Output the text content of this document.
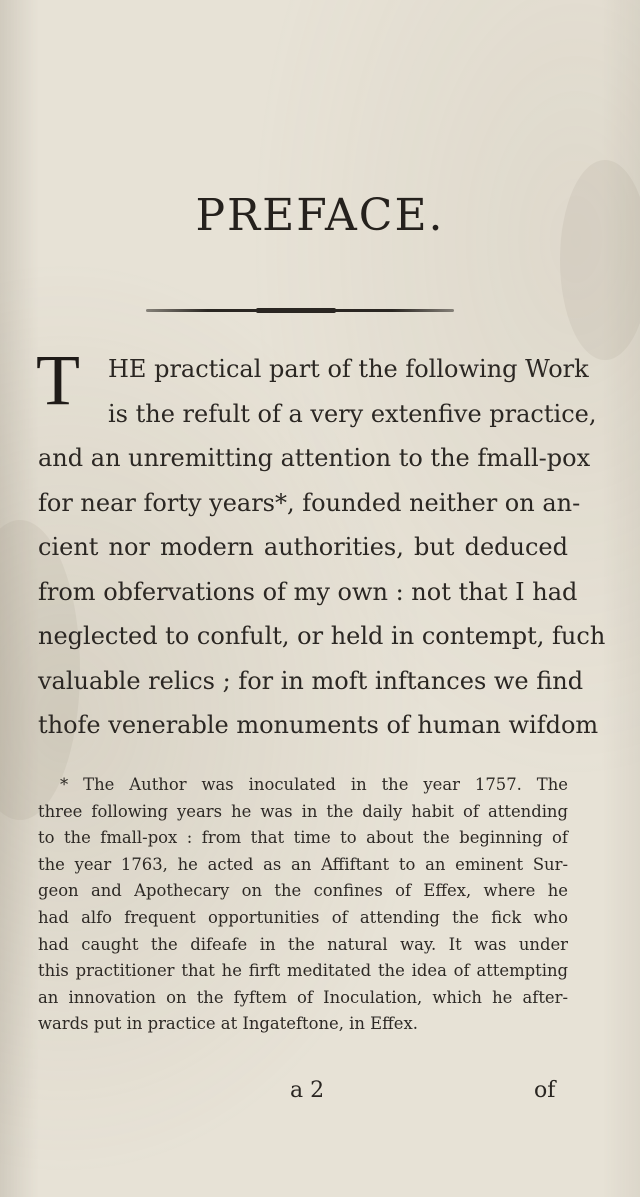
PREFACE.
T	HE practical part of the following Work
is the refult of a very extenfive practice,
and an unremitting attention to the fmall-pox
for near forty years*, founded neither on an-
cient nor modern authorities, but deduced
from obfervations of my own : not that I had
neglected to confult, or held in contempt, fuch
valuable relics ; for in moft inftances we find
thofe venerable monuments of human wifdom
* The Author was inoculated in the year 1757. The
three following years he was in the daily habit of attending
to the fmall-pox : from that time to about the beginning of
the year 1763, he acted as an Affiftant to an eminent Sur-
geon and Apothecary on the confines of Effex, where he
had alfo frequent opportunities of attending the fick who
had caught the difeafe in the natural way. It was under
this practitioner that he firft meditated the idea of attempting
an innovation on the fyftem of Inoculation, which he after-
wards put in practice at Ingateftone, in Effex.
a 2	of
